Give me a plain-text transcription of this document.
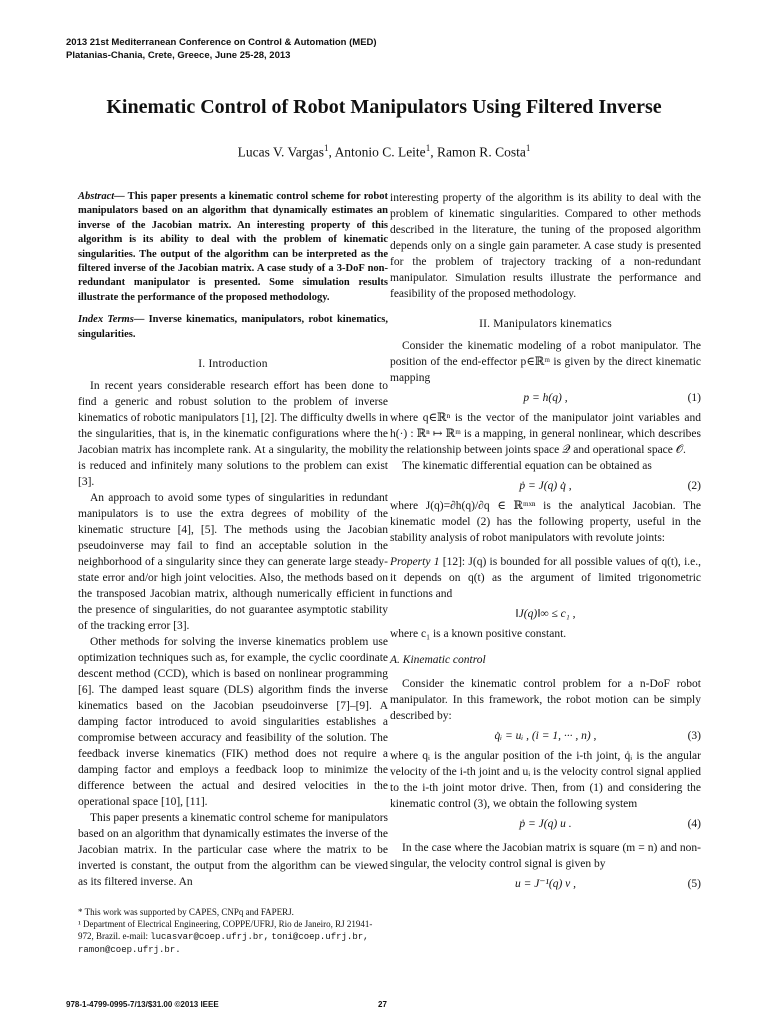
2013 21st Mediterranean Conference on Control & Automation (MED)
Platanias-Chania, Crete, Greece, June 25-28, 2013
Kinematic Control of Robot Manipulators Using Filtered Inverse
Lucas V. Vargas$^1$, Antonio C. Leite$^1$, Ramon R. Costa$^1$

Abstract— This paper presents a kinematic control scheme for robot manipulators based on an algorithm that dynamically estimates an inverse of the Jacobian matrix. An interesting property of this algorithm is its ability to deal with the problem of kinematic singularities. The output of the algorithm can be interpreted as the filtered inverse of the Jacobian matrix. A case study of a 3-DoF non-redundant manipulator is presented. Some simulation results illustrate the performance of the proposed methodology.

Index Terms— Inverse kinematics, manipulators, robot kinematics, singularities.

I. Introduction

In recent years considerable research effort has been done to find a generic and robust solution to the problem of inverse kinematics of robotic manipulators [1], [2]. The difficulty dwells in the singularities, that is, in the kinematic configurations where the Jacobian matrix has incomplete rank. At a singularity, the mobility is reduced and infinitely many solutions to the problem can exist [3].

An approach to avoid some types of singularities in redundant manipulators is to use the extra degrees of mobility of the kinematic structure [4], [5]. The methods using the Jacobian pseudoinverse may fail to find an acceptable solution in the neighborhood of a singularity since they can generate large steady-state error and/or high joint velocities. Also, the methods based on the transposed Jacobian matrix, although numerically efficient in the presence of singularities, do not guarantee asymptotic stability of the tracking error [3].

Other methods for solving the inverse kinematics problem use optimization techniques such as, for example, the cyclic coordinate descent method (CCD), which is based on nonlinear programming [6]. The damped least square (DLS) algorithm finds the inverse kinematics based on the Jacobian pseudoinverse [7]–[9]. A damping factor introduced to avoid singularities establishes a compromise between accuracy and feasibility of the solution. The feedback inverse kinematics (FIK) method does not require a damping factor and employs a feedback loop to minimize the difference between the actual and desired velocities in the operational space [10], [11].

This paper presents a kinematic control scheme for manipulators based on an algorithm that dynamically estimates the inverse of the Jacobian matrix. In the particular case where the matrix to be inverted is constant, the output from the algorithm can be viewed as its filtered inverse. An

interesting property of the algorithm is its ability to deal with the problem of kinematic singularities. Compared to other methods described in the literature, the tuning of the proposed algorithm depends only on a single gain parameter. A case study is presented for the problem of trajectory tracking of a non-redundant manipulator. Simulation results illustrate the performance and feasibility of the proposed methodology.

II. Manipulators kinematics

Consider the kinematic modeling of a robot manipulator. The position of the end-effector p∈ℝᵐ is given by the direct kinematic mapping

p = h(q) ,	(1)

where q∈ℝⁿ is the vector of the manipulator joint variables and h(·) : ℝⁿ ↦ ℝᵐ is a mapping, in general nonlinear, which describes the relationship between joints space 𝒬 and operational space 𝒪.

The kinematic differential equation can be obtained as

ṗ = J(q) q̇ ,	(2)

where J(q)=∂h(q)/∂q ∈ ℝᵐˣⁿ is the analytical Jacobian. The kinematic model (2) has the following property, useful in the stability analysis of robot manipulators with revolute joints:

Property 1 [12]: J(q) is bounded for all possible values of q(t), i.e., it depends on q(t) as the argument of limited trigonometric functions and

‖J(q)‖∞ ≤ c₁ ,

where c₁ is a known positive constant.

A. Kinematic control

Consider the kinematic control problem for a n-DoF robot manipulator. In this framework, the robot motion can be simply described by:

q̇ᵢ = uᵢ , (i = 1, ··· , n) ,	(3)

where qᵢ is the angular position of the i-th joint, q̇ᵢ is the angular velocity of the i-th joint and uᵢ is the velocity control signal applied to the i-th joint motor drive. Then, from (1) and considering the kinematic control (3), we obtain the following system

ṗ = J(q) u .	(4)

In the case where the Jacobian matrix is square (m = n) and non-singular, the velocity control signal is given by

u = J⁻¹(q) v ,	(5)
* This work was supported by CAPES, CNPq and FAPERJ.
¹ Department of Electrical Engineering, COPPE/UFRJ, Rio de Janeiro, RJ 21941-972, Brazil. e-mail: lucasvar@coep.ufrj.br, toni@coep.ufrj.br, ramon@coep.ufrj.br.
978-1-4799-0995-7/13/$31.00 ©2013 IEEE	27
